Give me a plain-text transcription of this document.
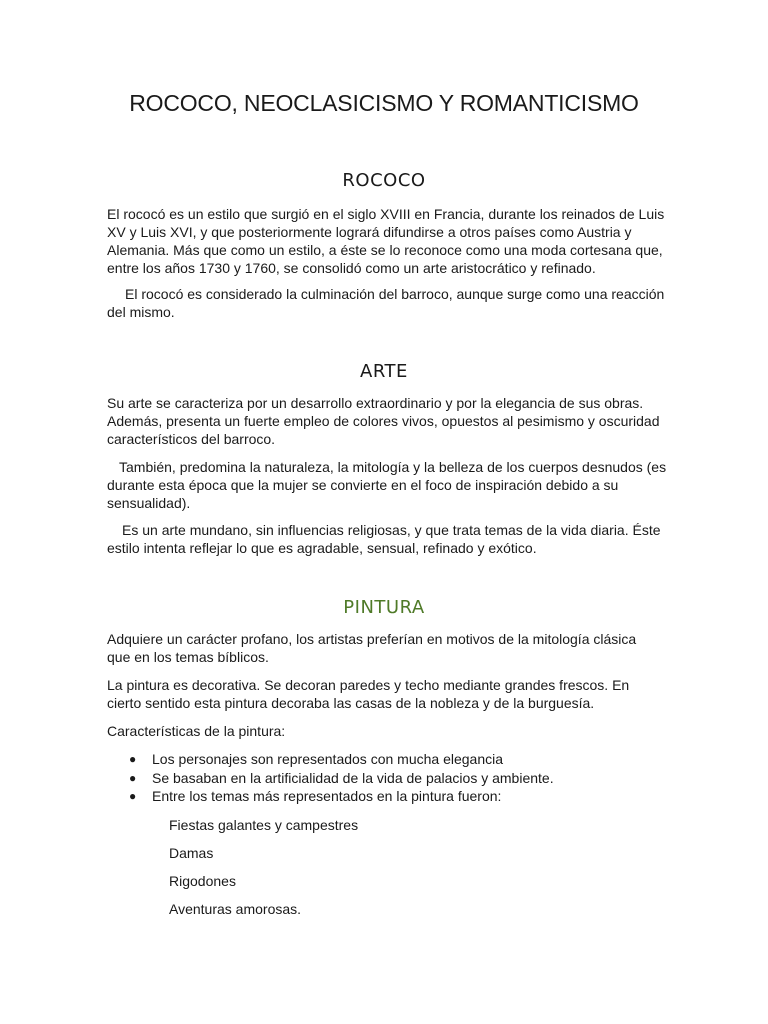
ROCOCO, NEOCLASICISMO Y ROMANTICISMO
ROCOCO

El rococó es un estilo que surgió en el siglo XVIII en Francia, durante los reinados de Luis XV y Luis XVI, y que posteriormente logrará difundirse a otros países como Austria y Alemania. Más que como un estilo, a éste se lo reconoce como una moda cortesana que, entre los años 1730 y 1760, se consolidó como un arte aristocrático y refinado.

El rococó es considerado la culminación del barroco, aunque surge como una reacción del mismo.

ARTE

Su arte se caracteriza por un desarrollo extraordinario y por la elegancia de sus obras. Además, presenta un fuerte empleo de colores vivos, opuestos al pesimismo y oscuridad característicos del barroco.

También, predomina la naturaleza, la mitología y la belleza de los cuerpos desnudos (es durante esta época que la mujer se convierte en el foco de inspiración debido a su sensualidad).

Es un arte mundano, sin influencias religiosas, y que trata temas de la vida diaria. Éste estilo intenta reflejar lo que es agradable, sensual, refinado y exótico.

PINTURA

Adquiere un carácter profano, los artistas preferían en motivos de la mitología clásica que en los temas bíblicos.

La pintura es decorativa. Se decoran paredes y techo mediante grandes frescos. En cierto sentido esta pintura decoraba las casas de la nobleza y de la burguesía.

Características de la pintura:

● Los personajes son representados con mucha elegancia
● Se basaban en la artificialidad de la vida de palacios y ambiente.
● Entre los temas más representados en la pintura fueron:
Fiestas galantes y campestres
Damas
Rigodones
Aventuras amorosas.
